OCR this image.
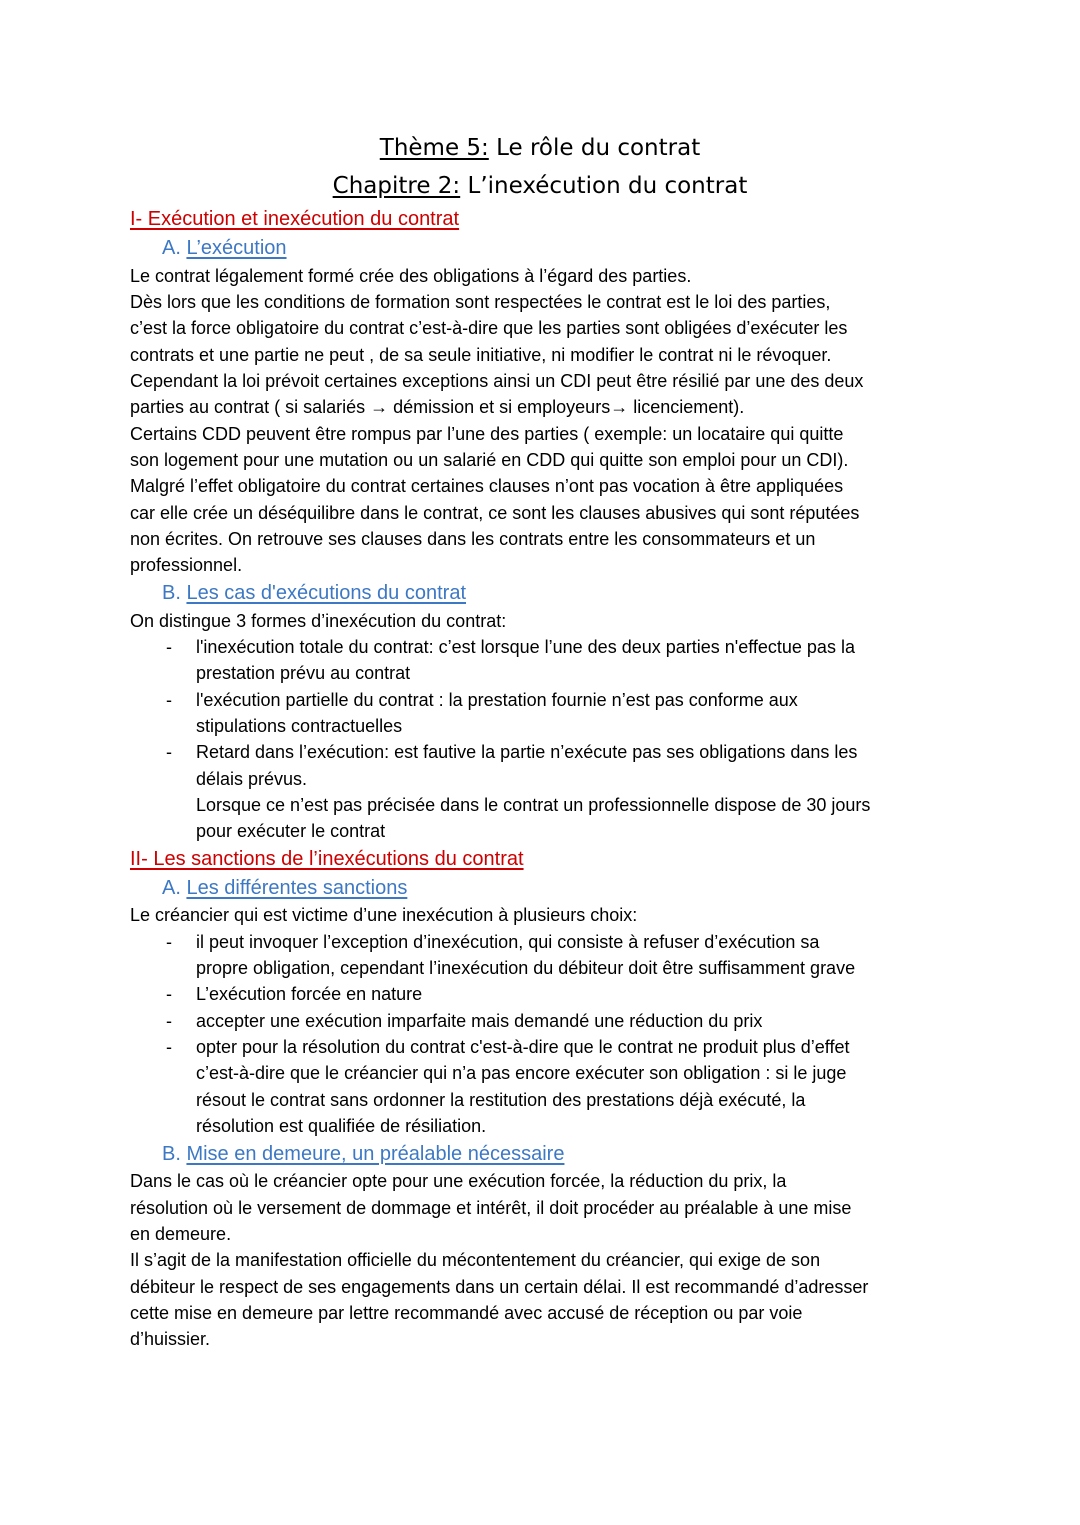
Thème 5: Le rôle du contrat
Chapitre 2: L’inexécution du contrat
I- Exécution et inexécution du contrat
A. L’exécution
Le contrat légalement formé crée des obligations à l’égard des parties.
Dès lors que les conditions de formation sont respectées le contrat est le loi des parties,
c’est la force obligatoire du contrat c’est-à-dire que les parties sont obligées d’exécuter les
contrats et une partie ne peut , de sa seule initiative, ni modifier le contrat ni le révoquer.
Cependant la loi prévoit certaines exceptions ainsi un CDI peut être résilié par une des deux
parties au contrat ( si salariés → démission et si employeurs→ licenciement).
Certains CDD peuvent être rompus par l’une des parties ( exemple: un locataire qui quitte
son logement pour une mutation ou un salarié en CDD qui quitte son emploi pour un CDI).
Malgré l’effet obligatoire du contrat certaines clauses n’ont pas vocation à être appliquées
car elle crée un déséquilibre dans le contrat, ce sont les clauses abusives qui sont réputées
non écrites. On retrouve ses clauses dans les contrats entre les consommateurs et un
professionnel.
B. Les cas d'exécutions du contrat
On distingue 3 formes d’inexécution du contrat:
- l'inexécution totale du contrat: c’est lorsque l’une des deux parties n'effectue pas la
prestation prévu au contrat
- l'exécution partielle du contrat : la prestation fournie n’est pas conforme aux
stipulations contractuelles
- Retard dans l’exécution: est fautive la partie n’exécute pas ses obligations dans les
délais prévus.
Lorsque ce n’est pas précisée dans le contrat un professionnelle dispose de 30 jours
pour exécuter le contrat
II- Les sanctions de l’inexécutions du contrat
A. Les différentes sanctions
Le créancier qui est victime d’une inexécution à plusieurs choix:
- il peut invoquer l’exception d’inexécution, qui consiste à refuser d’exécution sa
propre obligation, cependant l’inexécution du débiteur doit être suffisamment grave
- L’exécution forcée en nature
- accepter une exécution imparfaite mais demandé une réduction du prix
- opter pour la résolution du contrat c'est-à-dire que le contrat ne produit plus d’effet
c’est-à-dire que le créancier qui n’a pas encore exécuter son obligation : si le juge
résout le contrat sans ordonner la restitution des prestations déjà exécuté, la
résolution est qualifiée de résiliation.
B. Mise en demeure, un préalable nécessaire
Dans le cas où le créancier opte pour une exécution forcée, la réduction du prix, la
résolution où le versement de dommage et intérêt, il doit procéder au préalable à une mise
en demeure.
Il s’agit de la manifestation officielle du mécontentement du créancier, qui exige de son
débiteur le respect de ses engagements dans un certain délai. Il est recommandé d’adresser
cette mise en demeure par lettre recommandé avec accusé de réception ou par voie
d’huissier.
